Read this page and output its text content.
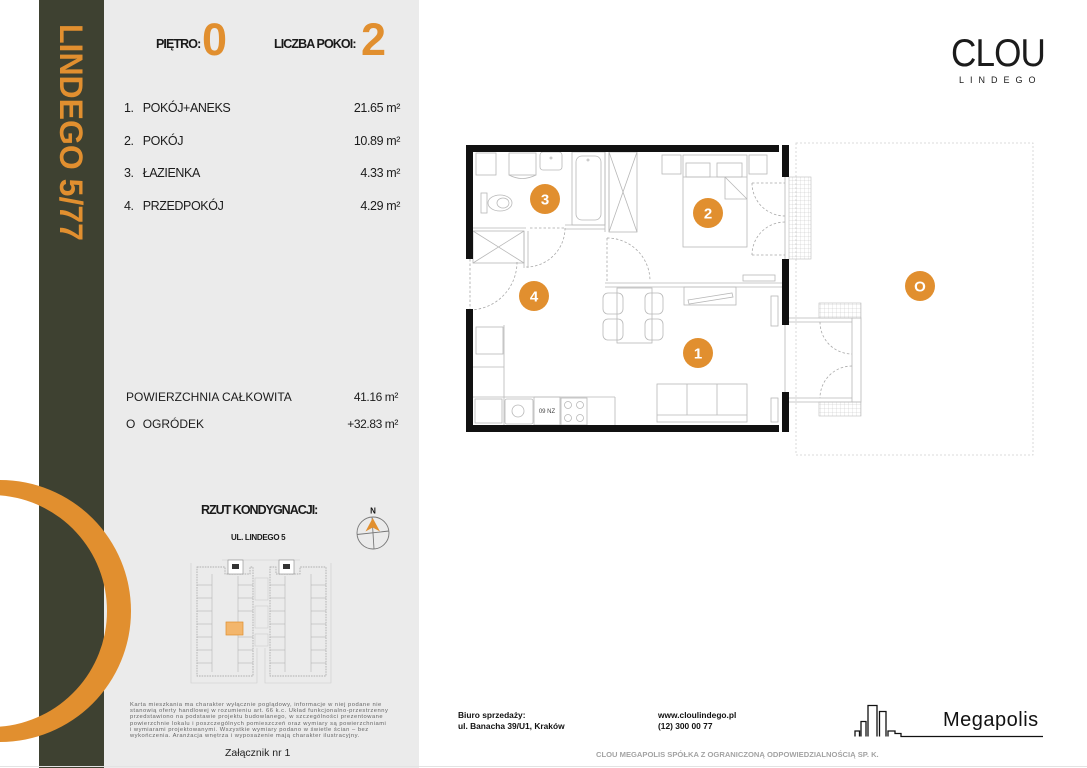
LINDEGO 5/77	PIĘTRO: 0	LICZBA POKOI: 2
1. POKÓJ+ANEKS	21.65 m²
2. POKÓJ	10.89 m²
3. ŁAZIENKA	4.33 m²
4. PRZEDPOKÓJ	4.29 m²
POWIERZCHNIA CAŁKOWITA	41.16 m²
O OGRÓDEK	+32.83 m²
RZUT KONDYGNACJI:
UL. LINDEGO 5
N
Karta mieszkania ma charakter wyłącznie poglądowy, informacje w niej podane nie
stanowią oferty handlowej w rozumieniu art. 66 k.c. Układ funkcjonalno-przestrzenny
przedstawiono na podstawie projektu budowlanego, w szczególności prezentowane
powierzchnie lokalu i poszczególnych pomieszczeń oraz wymiary są powierzchniami
i wymiarami projektowanymi. Wszystkie wymiary podano w świetle ścian – bez
wykończenia. Aranżacja wnętrza i wyposażenie mają charakter ilustracyjny.
Załącznik nr 1
CLOU
LINDEGO
09 NZ
1
2
3
4
O
Biuro sprzedaży:
ul. Banacha 39/U1, Kraków
www.cloulindego.pl
(12) 300 00 77	Megapolis
CLOU MEGAPOLIS SPÓŁKA Z OGRANICZONĄ ODPOWIEDZIALNOŚCIĄ SP. K.
